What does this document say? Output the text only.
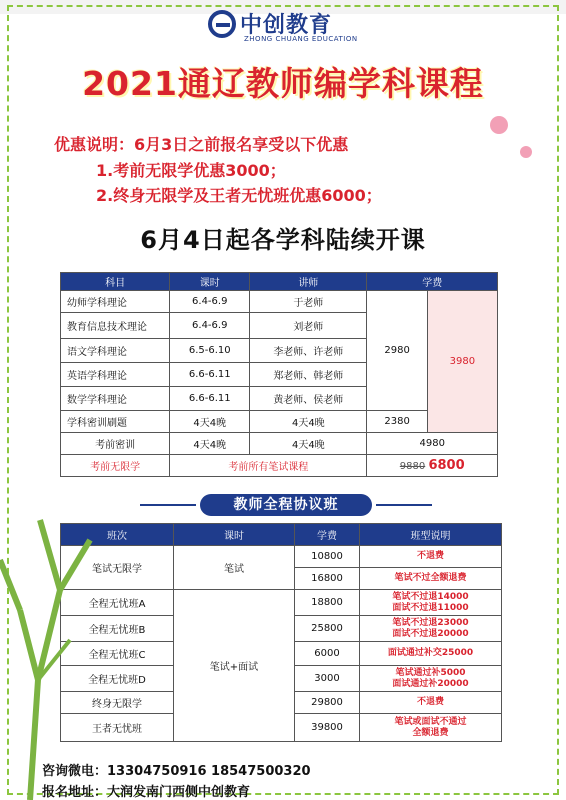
中创教育
ZHONG CHUANG EDUCATION
2021通辽教师编学科课程
优惠说明：6月3日之前报名享受以下优惠
1.考前无限学优惠3000；
2.终身无限学及王者无忧班优惠6000；
6月4日起各学科陆续开课
科目	课时	讲师	学费	
幼师学科理论	6.4-6.9	于老师	2980	3980
教育信息技术理论	6.4-6.9	刘老师		
语文学科理论	6.5-6.10	李老师、许老师		
英语学科理论	6.6-6.11	郑老师、韩老师		
数学学科理论	6.6-6.11	黄老师、侯老师		
学科密训刷题	4天4晚	4天4晚	2380	
考前密训	4天4晚	4天4晚	4980	
考前无限学	考前所有笔试课程		9880 6800	
教师全程协议班
班次	课时	学费	班型说明
笔试无限学	笔试	10800	不退费
		16800	笔试不过全额退费
全程无忧班A	笔试+面试	18800	笔试不过退14000
面试不过退11000

全程无忧班B		25800	笔试不过退23000
面试不过退20000

全程无忧班C		6000	面试通过补交25000
全程无忧班D		3000	笔试通过补5000
面试通过补20000

终身无限学		29800	不退费
王者无忧班		39800	笔试或面试不通过
全额退费
咨询微电：13304750916 18547500320
报名地址：大润发南门西侧中创教育
